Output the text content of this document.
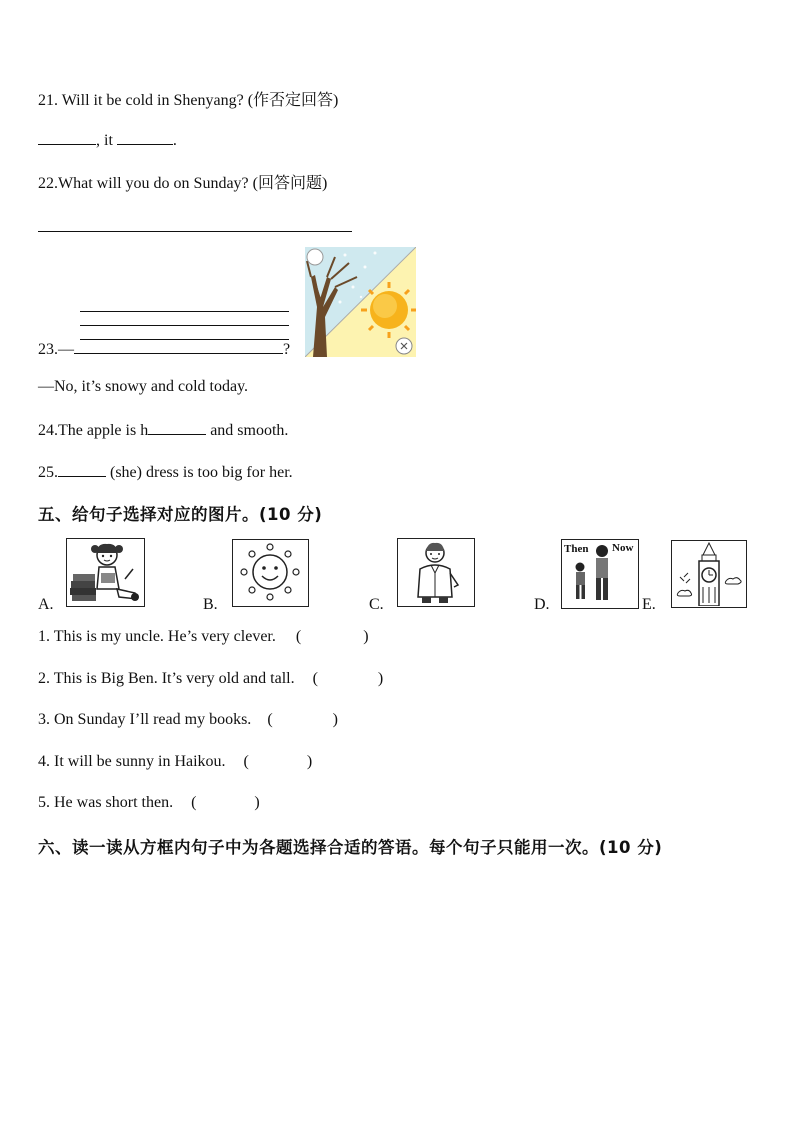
21. Will it be cold in Shenyang? (作否定回答)
, it	.
22.What will you do on Sunday? (回答问题)
23.—	?
—No, it’s snowy and cold today.
24.The apple is h	and smooth.
25.	(she) dress is too big for her.
五、给句子选择对应的图片。(10 分)
A.	B.	C.	D.	E.
Then Now
1. This is my uncle. He’s very clever. (	)
2. This is Big Ben. It’s very old and tall. (	)
3. On Sunday I’ll read my books. (	)
4. It will be sunny in Haikou. (	)
5. He was short then. (	)
六、读一读从方框内句子中为各题选择合适的答语。每个句子只能用一次。(10 分)
